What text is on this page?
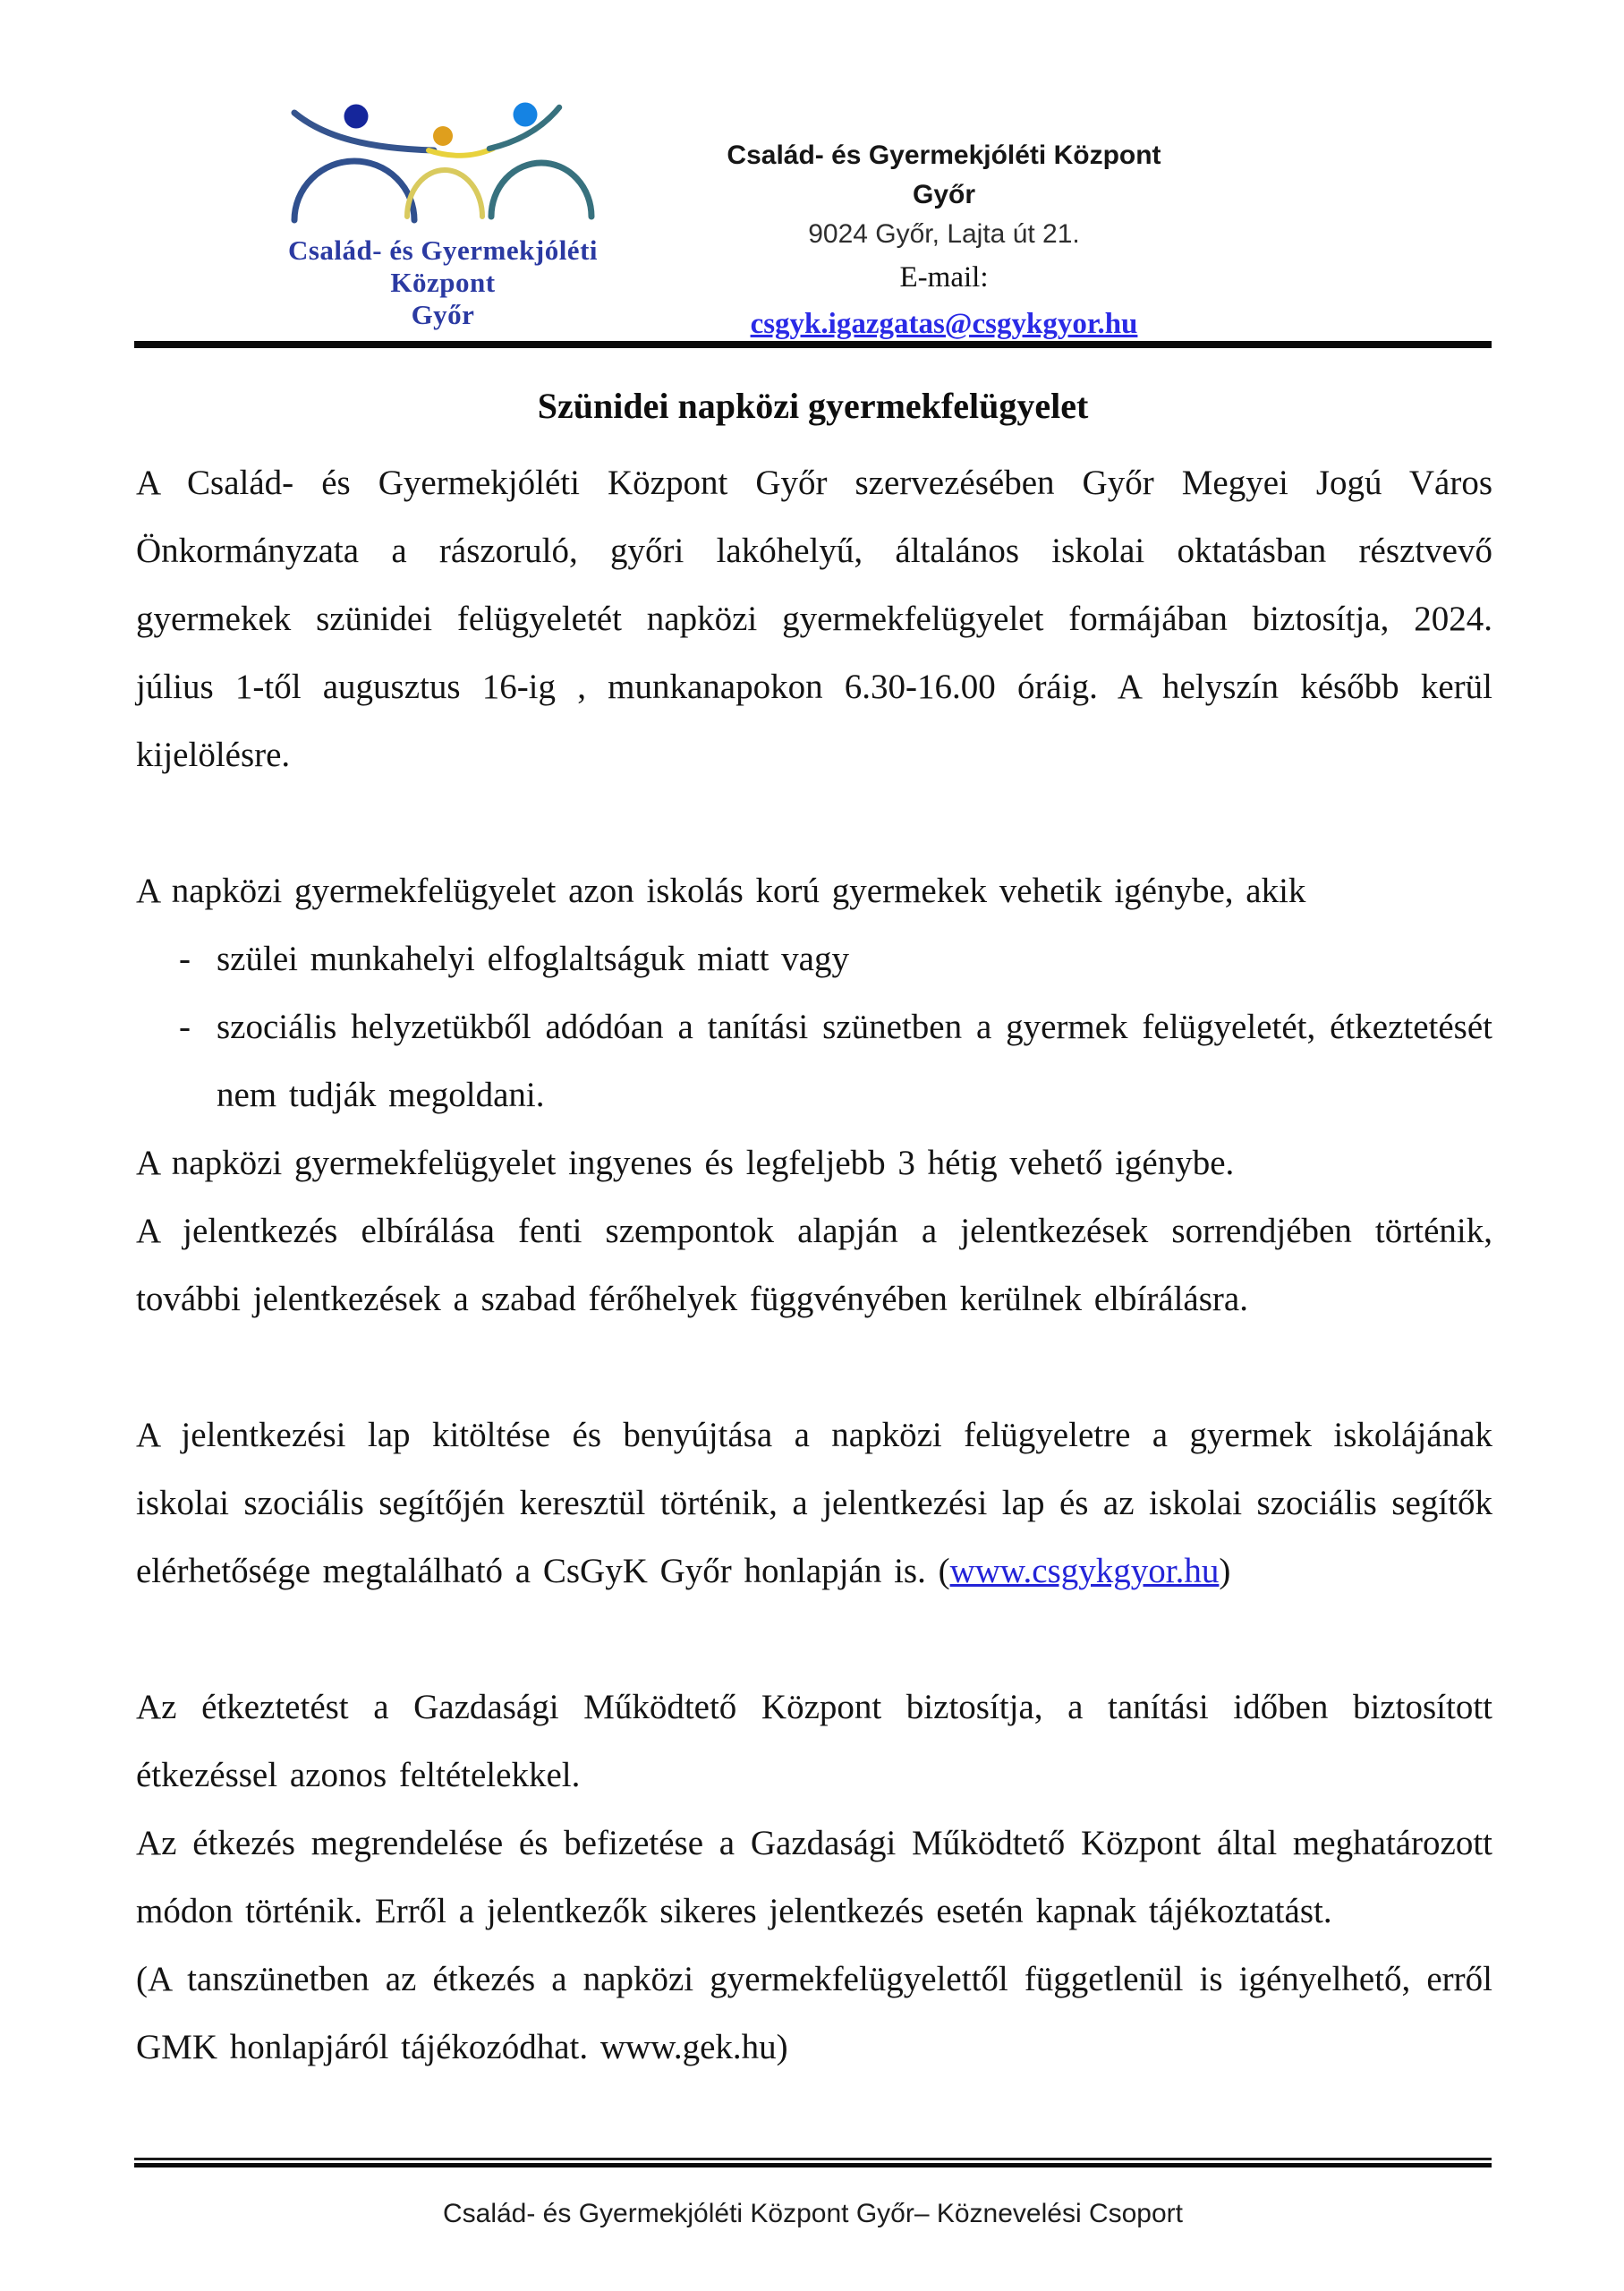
Család- és Gyermekjóléti Központ
Győr
Család- és Gyermekjóléti Központ Győr
9024 Győr, Lajta út 21.
E-mail: csgyk.igazgatas@csgykgyor.hu
Szünidei napközi gyermekfelügyelet

A Család- és Gyermekjóléti Központ Győr szervezésében Győr Megyei Jogú Város Önkormányzata a rászoruló, győri lakóhelyű, általános iskolai oktatásban résztvevő gyermekek szünidei felügyeletét napközi gyermekfelügyelet formájában biztosítja, 2024. július 1-től augusztus 16-ig , munkanapokon 6.30-16.00 óráig. A helyszín később kerül kijelölésre.

A napközi gyermekfelügyelet azon iskolás korú gyermekek vehetik igénybe, akik

- szülei munkahelyi elfoglaltságuk miatt vagy
- szociális helyzetükből adódóan a tanítási szünetben a gyermek felügyeletét, étkeztetését nem tudják megoldani.

A napközi gyermekfelügyelet ingyenes és legfeljebb 3 hétig vehető igénybe.

A jelentkezés elbírálása fenti szempontok alapján a jelentkezések sorrendjében történik, további jelentkezések a szabad férőhelyek függvényében kerülnek elbírálásra.

A jelentkezési lap kitöltése és benyújtása a napközi felügyeletre a gyermek iskolájának iskolai szociális segítőjén keresztül történik, a jelentkezési lap és az iskolai szociális segítők elérhetősége megtalálható a CsGyK Győr honlapján is. (www.csgykgyor.hu)

Az étkeztetést a Gazdasági Működtető Központ biztosítja, a tanítási időben biztosított étkezéssel azonos feltételekkel.

Az étkezés megrendelése és befizetése a Gazdasági Működtető Központ által meghatározott módon történik. Erről a jelentkezők sikeres jelentkezés esetén kapnak tájékoztatást.

(A tanszünetben az étkezés a napközi gyermekfelügyelettől függetlenül is igényelhető, erről GMK honlapjáról tájékozódhat. www.gek.hu)

Család- és Gyermekjóléti Központ Győr– Köznevelési Csoport
